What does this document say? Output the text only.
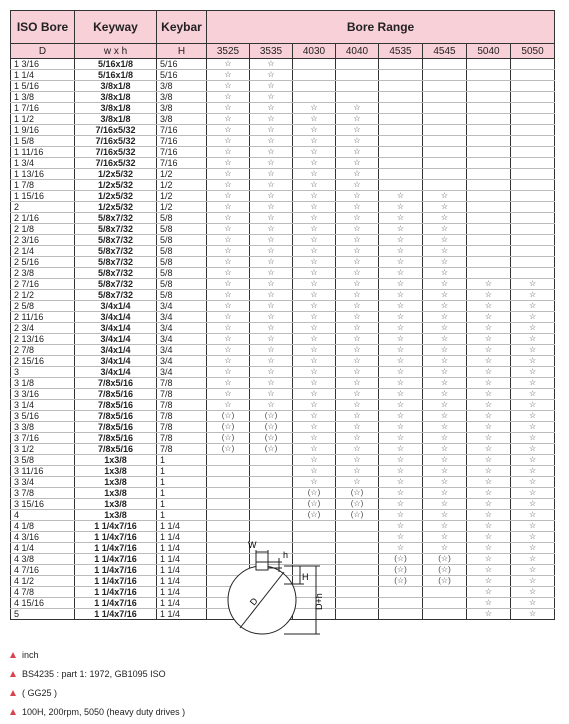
ISO Bore	Keyway	Keybar	Bore Range							
D	w x h	H	3525	3535	4030	4040	4535	4545	5040	5050
1 3/16	5/16x1/8	5/16	☆	☆						
1 1/4	5/16x1/8	5/16	☆	☆						
1 5/16	3/8x1/8	3/8	☆	☆						
1 3/8	3/8x1/8	3/8	☆	☆						
1 7/16	3/8x1/8	3/8	☆	☆	☆	☆				
1 1/2	3/8x1/8	3/8	☆	☆	☆	☆				
1 9/16	7/16x5/32	7/16	☆	☆	☆	☆				
1 5/8	7/16x5/32	7/16	☆	☆	☆	☆				
1 11/16	7/16x5/32	7/16	☆	☆	☆	☆				
1 3/4	7/16x5/32	7/16	☆	☆	☆	☆				
1 13/16	1/2x5/32	1/2	☆	☆	☆	☆				
1 7/8	1/2x5/32	1/2	☆	☆	☆	☆				
1 15/16	1/2x5/32	1/2	☆	☆	☆	☆	☆	☆		
2	1/2x5/32	1/2	☆	☆	☆	☆	☆	☆		
2 1/16	5/8x7/32	5/8	☆	☆	☆	☆	☆	☆		
2 1/8	5/8x7/32	5/8	☆	☆	☆	☆	☆	☆		
2 3/16	5/8x7/32	5/8	☆	☆	☆	☆	☆	☆		
2 1/4	5/8x7/32	5/8	☆	☆	☆	☆	☆	☆		
2 5/16	5/8x7/32	5/8	☆	☆	☆	☆	☆	☆		
2 3/8	5/8x7/32	5/8	☆	☆	☆	☆	☆	☆		
2 7/16	5/8x7/32	5/8	☆	☆	☆	☆	☆	☆	☆	☆
2 1/2	5/8x7/32	5/8	☆	☆	☆	☆	☆	☆	☆	☆
2 5/8	3/4x1/4	3/4	☆	☆	☆	☆	☆	☆	☆	☆
2 11/16	3/4x1/4	3/4	☆	☆	☆	☆	☆	☆	☆	☆
2 3/4	3/4x1/4	3/4	☆	☆	☆	☆	☆	☆	☆	☆
2 13/16	3/4x1/4	3/4	☆	☆	☆	☆	☆	☆	☆	☆
2 7/8	3/4x1/4	3/4	☆	☆	☆	☆	☆	☆	☆	☆
2 15/16	3/4x1/4	3/4	☆	☆	☆	☆	☆	☆	☆	☆
3	3/4x1/4	3/4	☆	☆	☆	☆	☆	☆	☆	☆
3 1/8	7/8x5/16	7/8	☆	☆	☆	☆	☆	☆	☆	☆
3 3/16	7/8x5/16	7/8	☆	☆	☆	☆	☆	☆	☆	☆
3 1/4	7/8x5/16	7/8	☆	☆	☆	☆	☆	☆	☆	☆
3 5/16	7/8x5/16	7/8	(☆)	(☆)	☆	☆	☆	☆	☆	☆
3 3/8	7/8x5/16	7/8	(☆)	(☆)	☆	☆	☆	☆	☆	☆
3 7/16	7/8x5/16	7/8	(☆)	(☆)	☆	☆	☆	☆	☆	☆
3 1/2	7/8x5/16	7/8	(☆)	(☆)	☆	☆	☆	☆	☆	☆
3 5/8	1x3/8	1			☆	☆	☆	☆	☆	☆
3 11/16	1x3/8	1			☆	☆	☆	☆	☆	☆
3 3/4	1x3/8	1			☆	☆	☆	☆	☆	☆
3 7/8	1x3/8	1			(☆)	(☆)	☆	☆	☆	☆
3 15/16	1x3/8	1			(☆)	(☆)	☆	☆	☆	☆
4	1x3/8	1			(☆)	(☆)	☆	☆	☆	☆
4 1/8	1 1/4x7/16	1 1/4					☆	☆	☆	☆
4 3/16	1 1/4x7/16	1 1/4					☆	☆	☆	☆
4 1/4	1 1/4x7/16	1 1/4					☆	☆	☆	☆
4 3/8	1 1/4x7/16	1 1/4					(☆)	(☆)	☆	☆
4 7/16	1 1/4x7/16	1 1/4					(☆)	(☆)	☆	☆
4 1/2	1 1/4x7/16	1 1/4					(☆)	(☆)	☆	☆
4 7/8	1 1/4x7/16	1 1/4							☆	☆
4 15/16	1 1/4x7/16	1 1/4							☆	☆
5	1 1/4x7/16	1 1/4							☆	☆
W
h
H
D+h
D
inch
BS4235 : part 1: 1972, GB1095 ISO
( GG25 )
100H, 200rpm, 5050 (heavy duty drives )
